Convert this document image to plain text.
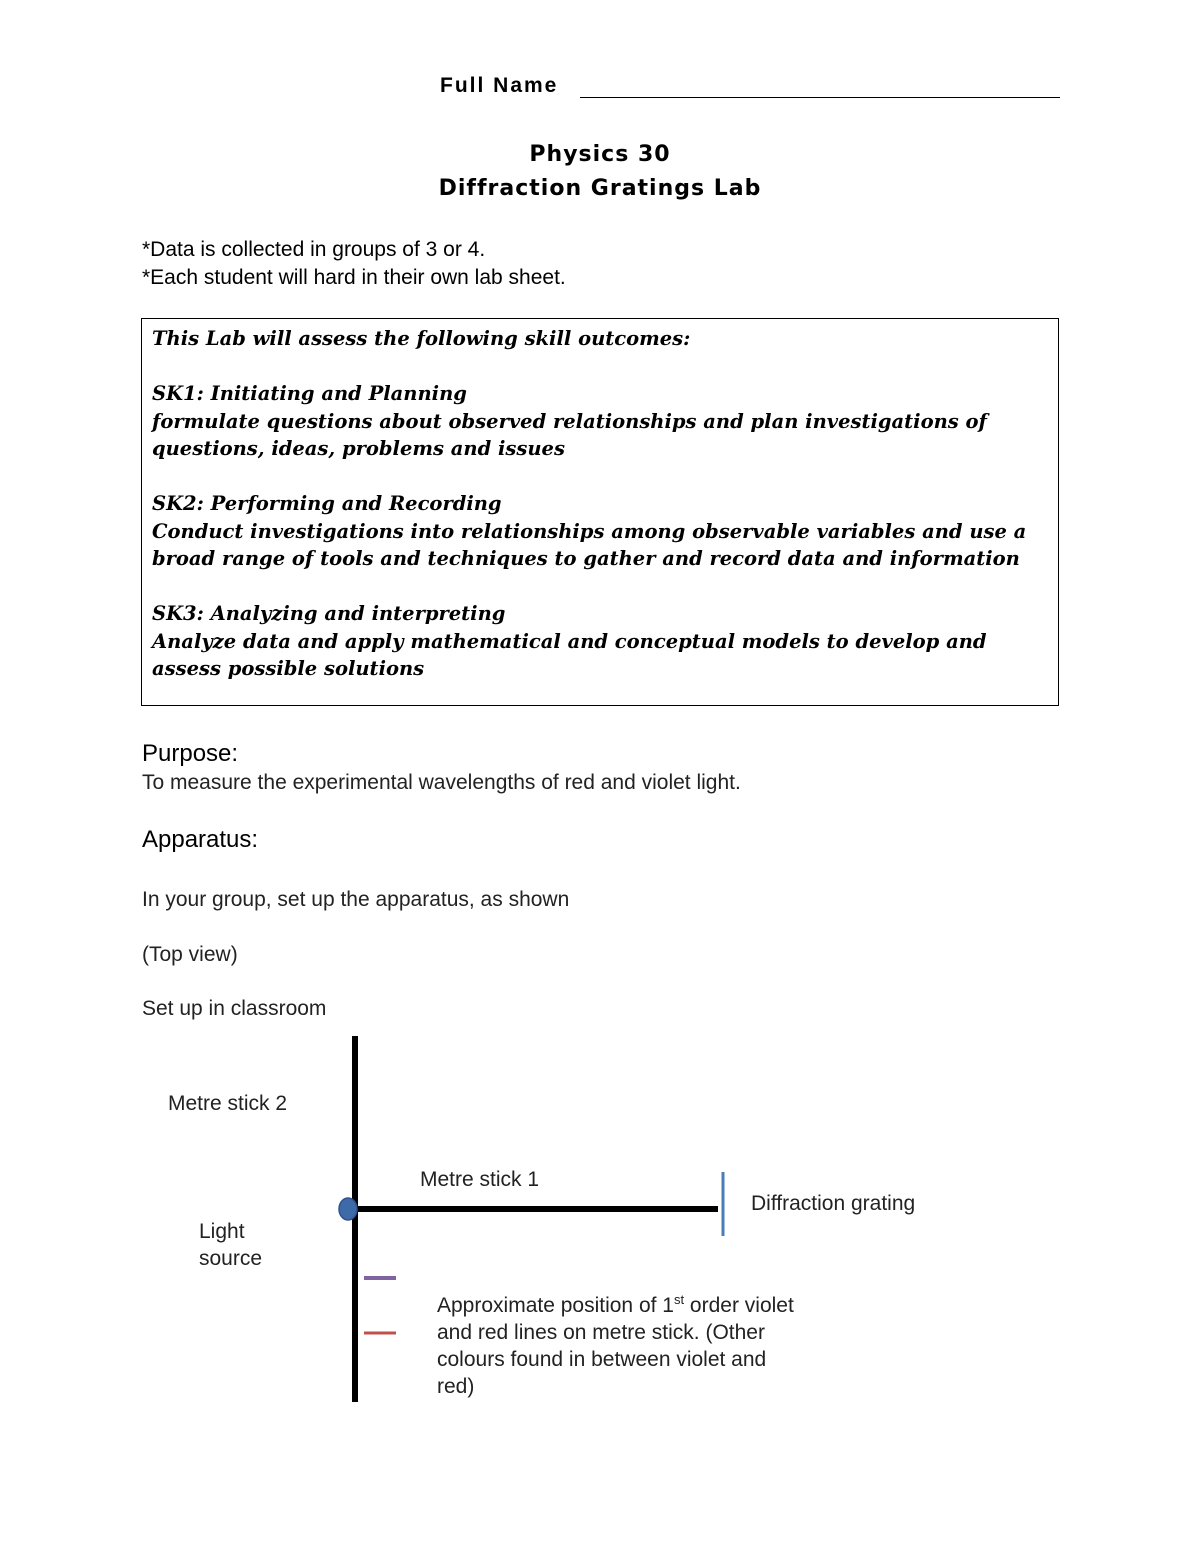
Full Name
Physics 30
Diffraction Gratings Lab
*Data is collected in groups of 3 or 4.
*Each student will hard in their own lab sheet.

This Lab will assess the following skill outcomes:

SK1: Initiating and Planning

formulate questions about observed relationships and plan investigations of questions, ideas, problems and issues

SK2: Performing and Recording

Conduct investigations into relationships among observable variables and use a broad range of tools and techniques to gather and record data and information

SK3: Analyzing and interpreting

Analyze data and apply mathematical and conceptual models to develop and assess possible solutions

Purpose:
To measure the experimental wavelengths of red and violet light.
Apparatus:
In your group, set up the apparatus, as shown
(Top view)
Set up in classroom
Metre stick 2
Metre stick 1
Diffraction grating
Light
source
Approximate position of 1st order violet
and red lines on metre stick. (Other
colours found in between violet and
red)
